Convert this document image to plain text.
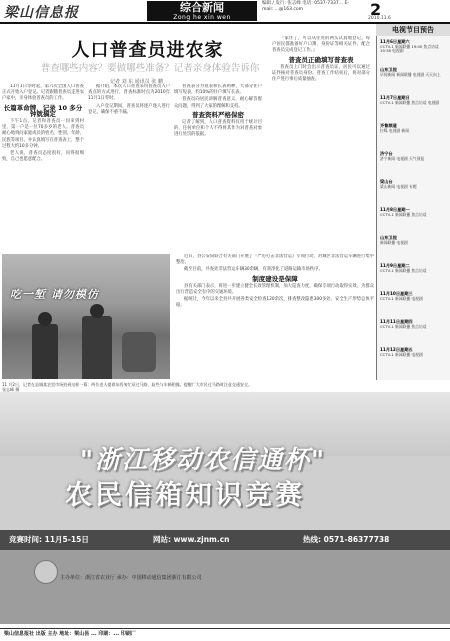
梁山信息报	综合新闻
Zong he xin wen
编辑 / 发行: 张志峰 电话: 0537-7337... E-mail: ...@163.com	2
2010.11.6
人口普查员进农家
普查哪些内容？要做哪些准备？记者亲身体验告诉你
记者 刘 东 通讯员 张 鹏

11月1日零时起，第六次全国人口普查正式开始入户登记。记者跟随普查员走进农户家中，亲身体验普查员的工作。

长篇革命牌，记录 10 多分钟就搞定

下午1点，记者和普查员一同来到村里，第一户是一位70多岁的老人。普查员耐心地询问家庭成员的姓名、性别、年龄、民族等项目，并认真填写在普查表上，整个过程大约10多分钟。

老人说，普查员态度很好，问得很细致，自己也愿意配合。

据介绍，本次人口普查采用普查员入户查点的方式进行，普查标准时点为2010年11月1日零时。

入户登记期间，普查员将逐户逐人进行登记，确保不重不漏。

普查表分为短表和长表两种，大部分住户填写短表，约10%的住户填写长表。

普查员向居民讲解普查意义，耐心解答群众问题，得到了大家的理解和支持。

普查资料严格保密

记者了解到，人口普查资料仅用于统计目的，任何单位和个人不得将其作为对普查对象进行处罚的依据。

『家住了，可以从住处的两头认真地登记。每户居民都准备好户口簿、身份证等相关证件，配合普查员完成登记工作。』

普查员正确填写普查表

普查员上门时会出示普查员证，居民可以通过证件核对普查员身份。普查工作结束后，将对部分住户进行事后质量抽查。

电视节目预告
11月6日星期六
CCTV-1 新闻联播 19:00 焦点访谈 19:38 电视剧
山东卫视
早间新闻 新闻联播 电视剧 天天向上
11月7日星期日
CCTV-1 新闻联播 焦点访谈 电视剧
齐鲁频道
拉呱 电视剧 新闻
济宁台
济宁新闻 电视剧 天气预报
梁山台
梁山新闻 电视剧 专题
11月8日星期一
CCTV-1 新闻联播 焦点访谈
山东卫视
新闻联播 电视剧
11月9日星期二
CCTV-1 新闻联播 焦点访谈
11月10日星期三
CCTV-1 新闻联播 电视剧
11月11日星期四
CCTV-1 新闻联播 焦点访谈
11月12日星期五
CCTV-1 新闻联播 电视剧
吃一堑 请勿模仿
11 月2日，记者在县城某农贸市场拍到这样一幕：两位老人提着东西匆忙穿过马路，险些与车辆相撞。提醒广大市民过马路时注意交通安全。 张志峰 摄

近日，县公安局联合有关部门开展了『严厉打击非法营运』专项行动，对城区非法营运车辆进行集中整治。

截至目前，共查处非法营运车辆30余辆，有效净化了道路运输市场秩序。

制度建设是保障

县有关部门表示，将进一步建立健全长效管理机制，加大巡查力度，确保专项行动取得实效，为群众出行营造安全有序的交通环境。

据统计，今年以来全县共开展各类安全检查120余次，排查整改隐患300多处，安全生产形势总体平稳。

"浙江移动农信通杯"
农民信箱知识竞赛
竞赛时间: 11月5-15日	网站: www.zjnm.cn	热线: 0571-86377738
主办单位：浙江省农业厅 承办：中国移动通信集团浙江有限公司
梁山信息报社 出版 主办 地址：梁山县 ... 印刷：... 印刷厂
